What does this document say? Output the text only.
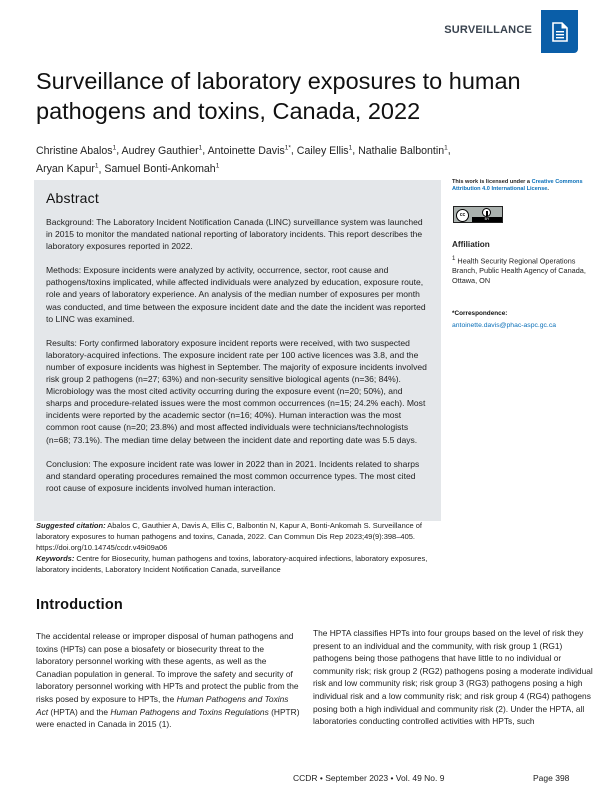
SURVEILLANCE
Surveillance of laboratory exposures to human pathogens and toxins, Canada, 2022
Christine Abalos$^1$, Audrey Gauthier$^1$, Antoinette Davis$^{1*}$, Cailey Ellis$^1$, Nathalie Balbontin$^1$,
Aryan Kapur$^1$, Samuel Bonti-Ankomah$^1$
Abstract

Background: The Laboratory Incident Notification Canada (LINC) surveillance system was launched in 2015 to monitor the mandated national reporting of laboratory incidents. This report describes the laboratory exposures reported in 2022.

Methods: Exposure incidents were analyzed by activity, occurrence, sector, root cause and pathogens/toxins implicated, while affected individuals were analyzed by education, exposure route, role and years of laboratory experience. An analysis of the median number of exposures per month was conducted, and time between the exposure incident date and the date the incident was reported to LINC was examined.

Results: Forty confirmed laboratory exposure incident reports were received, with two suspected laboratory-acquired infections. The exposure incident rate per 100 active licences was 3.8, and the number of exposure incidents was highest in September. The majority of exposure incidents involved risk group 2 pathogens (n=27; 63%) and non-security sensitive biological agents (n=36; 84%). Microbiology was the most cited activity occurring during the exposure event (n=20; 50%), and sharps and procedure-related issues were the most common occurrences (n=15; 24.2% each). Most incidents were reported by the academic sector (n=16; 40%). Human interaction was the most common root cause (n=20; 23.8%) and most affected individuals were technicians/technologists (n=68; 73.1%). The median time delay between the incident date and reporting date was 5.5 days.

Conclusion: The exposure incident rate was lower in 2022 than in 2021. Incidents related to sharps and standard operating procedures remained the most common occurrence types. The most cited root cause of exposure incidents involved human interaction.

Suggested citation: Abalos C, Gauthier A, Davis A, Ellis C, Balbontin N, Kapur A, Bonti-Ankomah S. Surveillance of laboratory exposures to human pathogens and toxins, Canada, 2022. Can Commun Dis Rep 2023;49(9):398–405. https://doi.org/10.14745/ccdr.v49i09a06
Keywords: Centre for Biosecurity, human pathogens and toxins, laboratory-acquired infections, laboratory exposures, laboratory incidents, Laboratory Incident Notification Canada, surveillance
This work is licensed under a Creative Commons Attribution 4.0 International License.
cc
BY
Affiliation
$^1$ Health Security Regional Operations Branch, Public Health Agency of Canada, Ottawa, ON
*Correspondence:
antoinette.davis@phac-aspc.gc.ca
Introduction
The accidental release or improper disposal of human pathogens and toxins (HPTs) can pose a biosafety or biosecurity threat to the laboratory personnel working with these agents, as well as the Canadian population in general. To improve the safety and security of laboratory personnel working with HPTs and protect the public from the risks posed by exposure to HPTs, the Human Pathogens and Toxins Act (HPTA) and the Human Pathogens and Toxins Regulations (HPTR) were enacted in Canada in 2015 (1).
The HPTA classifies HPTs into four groups based on the level of risk they present to an individual and the community, with risk group 1 (RG1) pathogens being those pathogens that have little to no individual or community risk; risk group 2 (RG2) pathogens posing a moderate individual risk and low community risk; risk group 3 (RG3) pathogens posing a high individual risk and a low community risk; and risk group 4 (RG4) pathogens posing both a high individual and community risk (2). Under the HPTA, all laboratories conducting controlled activities with HPTs, such
CCDR • September 2023 • Vol. 49 No. 9	Page 398
